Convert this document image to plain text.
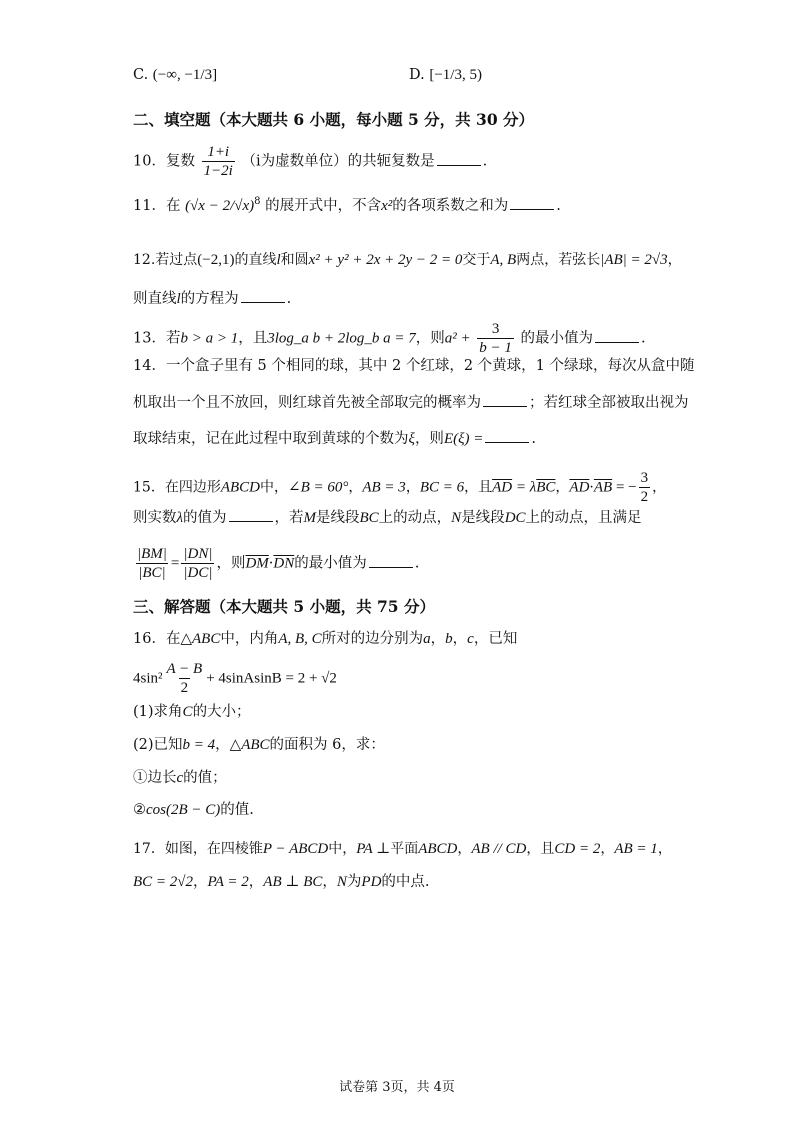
C. (−∞, −1/3]	D. [−1/3, 5)
二、填空题（本大题共 6 小题，每小题 5 分，共 30 分）
10．复数 $\frac{1+i}{1-2i} (i$为虚数单位）的共轭复数是	.
11．在 $(√x - 2/√x)^8$ 的展开式中，不含x²的各项系数之和为	.
12.若过点(−2,1)的直线l和圆x² + y² + 2x + 2y − 2 = 0交于A, B两点，若弦长|AB| = 2√3，
则直线l的方程为	.
13．若b > a > 1，且3log_a b + 2log_b a = 7，则$a^2 + \frac{3}{b - 1}$ 的最小值为	.
14．一个盒子里有 5 个相同的球，其中 2 个红球，2 个黄球，1 个绿球，每次从盒中随
机取出一个且不放回，则红球首先被全部取完的概率为	；若红球全部被取出视为
取球结束，记在此过程中取到黄球的个数为ξ，则E(ξ) =	.
15．在四边形ABCD中，∠B = 60°，AB = 3，BC = 6，且$\overline{AD} = \lambda\overline{BC}$，$\overline{AD}\cdot\overline{AB}$ = − $\frac{3}{2}$ ，
则实数λ的值为	，若M是线段BC上的动点，N是线段DC上的动点，且满足
$\frac{|BM|}{|BC|} = \frac{|DN|}{|DC|}$ ，则$\overline{DM}\cdot\overline{DN}$的最小值为	.
三、解答题（本大题共 5 小题，共 75 分）
16．在△ABC中，内角A, B, C所对的边分别为a，b，c，已知
$4\sin^2 \frac{A - B}{2}$ + 4sinAsinB = 2 + √2
(1)求角C的大小；
(2)已知b = 4，△ABC的面积为 6，求：
①边长c的值；
②cos(2B − C)的值.
17．如图，在四棱锥P − ABCD中，PA ⊥平面ABCD，AB // CD，且CD = 2，AB = 1，
BC = 2√2，PA = 2，AB ⊥ BC，N为PD的中点.
试卷第 3页，共 4页
